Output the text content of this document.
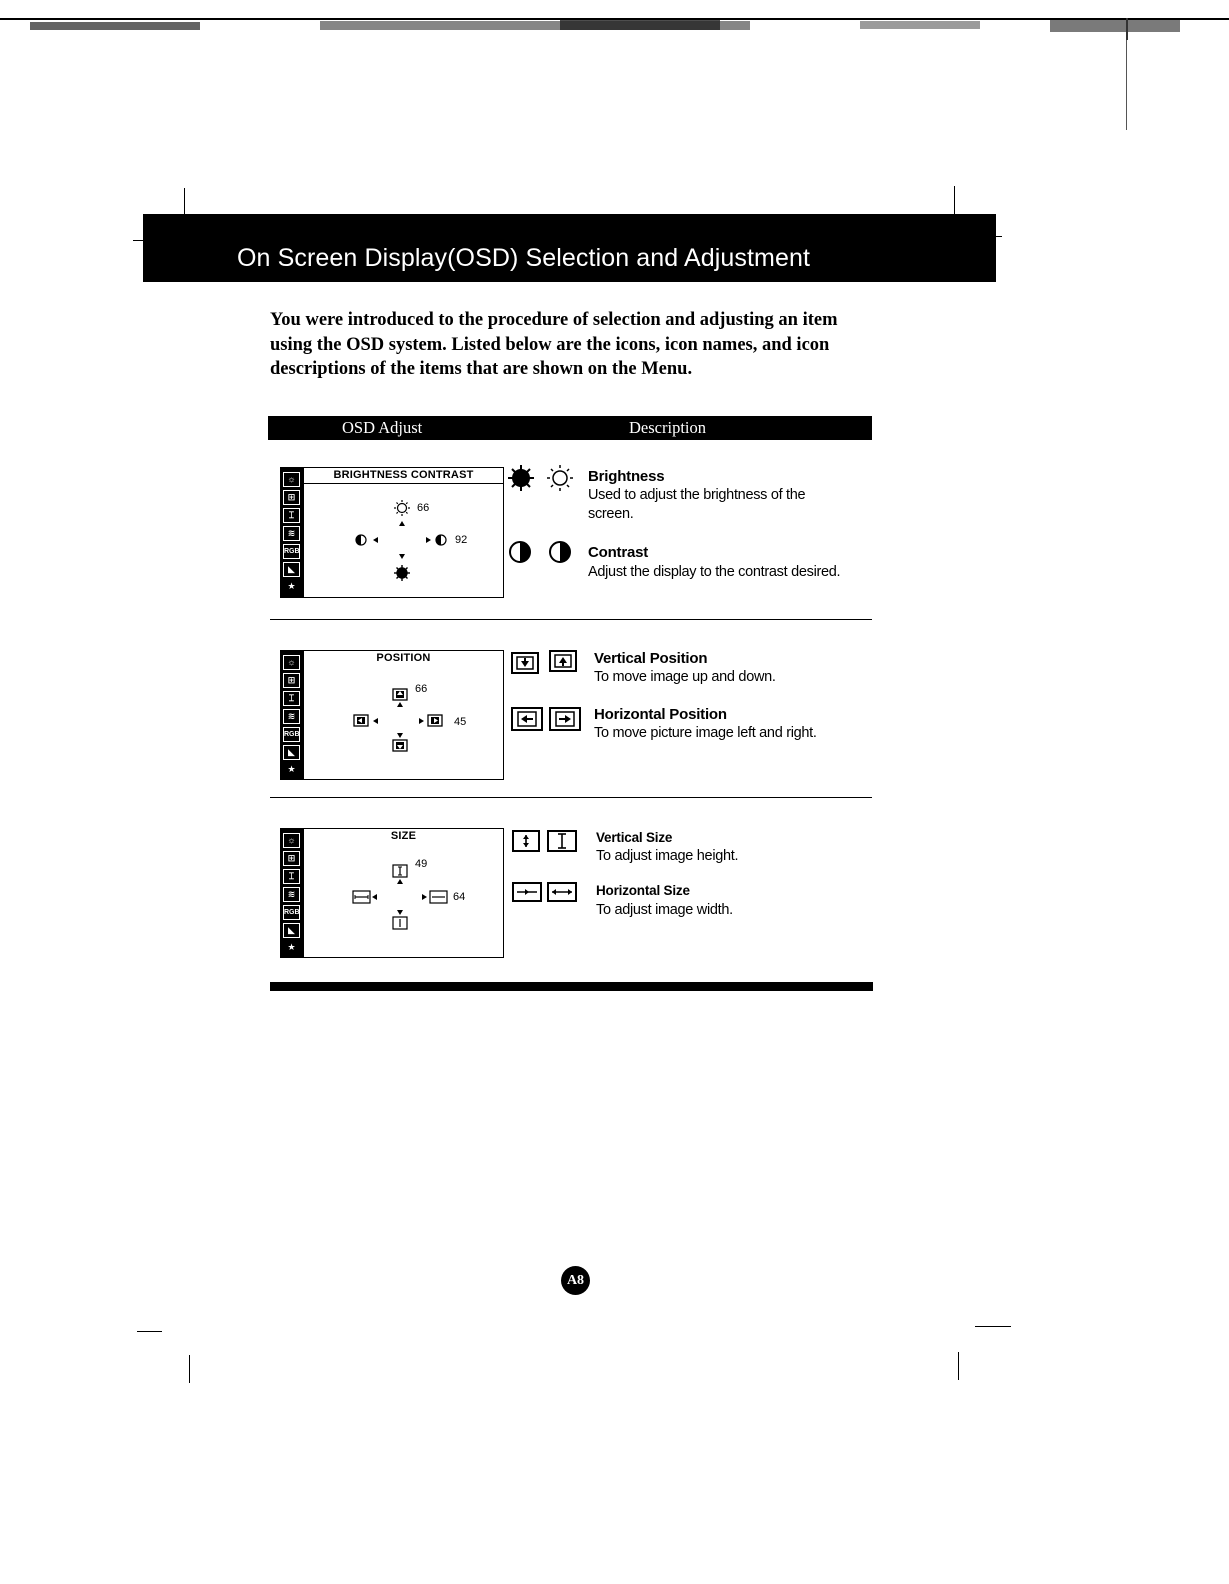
On Screen Display(OSD) Selection and Adjustment
You were introduced to the procedure of selection and adjusting an item using the OSD system. Listed below are the icons, icon names, and icon descriptions of the items that are shown on the Menu.
OSD Adjust	Description
☼
⊞
⌶
≋
RGB
◣
★
BRIGHTNESS CONTRAST
66
92
Brightness
Used to adjust the brightness of the screen.
Contrast
Adjust the display to the contrast desired.
☼
⊞
⌶
≋
RGB
◣
★
POSITION
66
45
Vertical Position
To move image up and down.
Horizontal Position
To move picture image left and right.
☼
⊞
⌶
≋
RGB
◣
★
SIZE
49
64
Vertical Size
To adjust image height.
Horizontal Size
To adjust image width.
A8
